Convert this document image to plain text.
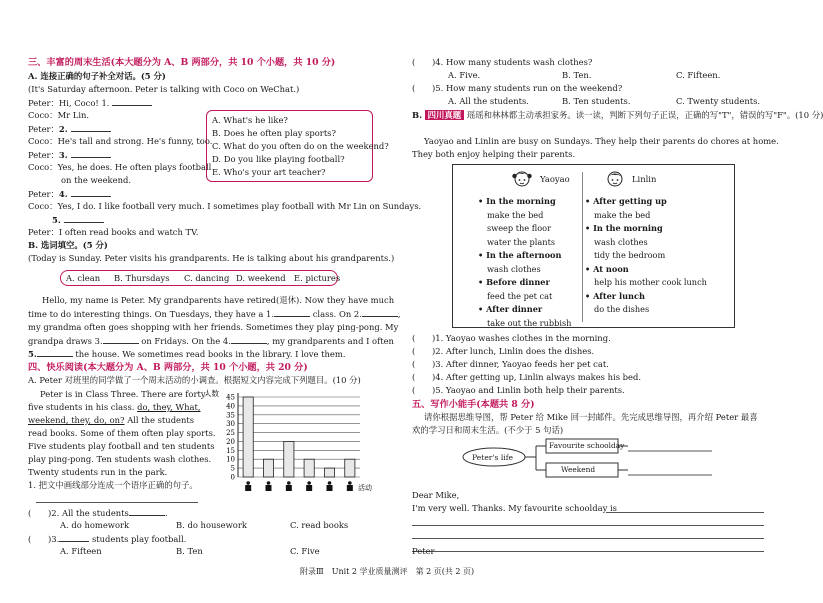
三、丰富的周末生活(本大题分为 A、B 两部分，共 10 个小题，共 10 分)
A. 连接正确的句子补全对话。(5 分)
(It's Saturday afternoon. Peter is talking with Coco on WeChat.)
B. 选词填空。(5 分)
(Today is Sunday. Peter visits his grandparents. He is talking about his grandparents.)
Hello, my name is Peter. My grandparents have retired(退休). Now they have much
time to do interesting things. On Tuesdays, they have a 1.	class. On 2.	,
my grandma often goes shopping with her friends. Sometimes they play ping-pong. My
grandpa draws 3.	on Fridays. On the 4.	, my grandparents and I often
5.	the house. We sometimes read books in the library. I love them.
四、快乐阅读(本大题分为 A、B 两部分，共 10 个小题，共 20 分)
A. Peter 对班里的同学做了一个周末活动的小调查。根据短文内容完成下列题目。(10 分)
Peter is in Class Three. There are forty-
five students in his class. do, they, What,
weekend, they, do, on? All the students
read books. Some of them often play sports.
Five students play football and ten students
play ping-pong. Ten students wash clothes.
Twenty students run in the park.
1. 把文中画线部分连成一个语序正确的句子。
人数
0
5
10
15
20
25
30
35
40
45
活动
(　　)2. All the students	.
A. do homework	B. do housework	C. read books
(　　)3.	students play football.
A. Fifteen	B. Ten	C. Five
(　　)4. How many students wash clothes?
A. Five.	B. Ten.	C. Fifteen.
(　　)5. How many students run on the weekend?
A. All the students.	B. Ten students.	C. Twenty students.
B. 四川真题 瑶瑶和林林都主动承担家务。读一读，判断下列句子正误，正确的写"T"，错误的写"F"。(10 分)
Yaoyao and Linlin are busy on Sundays. They help their parents do chores at home.
They both enjoy helping their parents.
Yaoyao	Linlin
五、写作小能手(本题共 8 分)
请你根据思维导图，帮 Peter 给 Mike 回一封邮件。先完成思维导图，再介绍 Peter 最喜
欢的学习日和周末生活。(不少于 5 句话)
Peter's life
Favourite schoolday
Weekend
Dear Mike,
I'm very well. Thanks. My favourite schoolday is
Peter
附录Ⅲ　 Unit 2 学业质量测评　 第 2 页(共 2 页)
Peter：Hi, Coco! 1.
Coco：Mr Lin.
Peter：2.
Coco：He's tall and strong. He's funny, too.
Peter：3.
Coco：Yes, he does. He often plays football
on the weekend.
Peter：4.
Coco：Yes, I do. I like football very much. I sometimes play football with Mr Lin on Sundays.
5.
Peter：I often read books and watch TV.
A. What's he like?
B. Does he often play sports?
C. What do you often do on the weekend?
D. Do you like playing football?
E. Who's your art teacher?
A. clean B. Thursdays C. dancing D. weekend E. pictures
• In the morning
make the bed
sweep the floor
water the plants
• In the afternoon
wash clothes
• Before dinner
feed the pet cat
• After dinner
take out the rubbish
• After getting up
make the bed
• In the morning
wash clothes
tidy the bedroom
• At noon
help his mother cook lunch
• After lunch
do the dishes
(　　)1. Yaoyao washes clothes in the morning.
(　　)2. After lunch, Linlin does the dishes.
(　　)3. After dinner, Yaoyao feeds her pet cat.
(　　)4. After getting up, Linlin always makes his bed.
(　　)5. Yaoyao and Linlin both help their parents.
